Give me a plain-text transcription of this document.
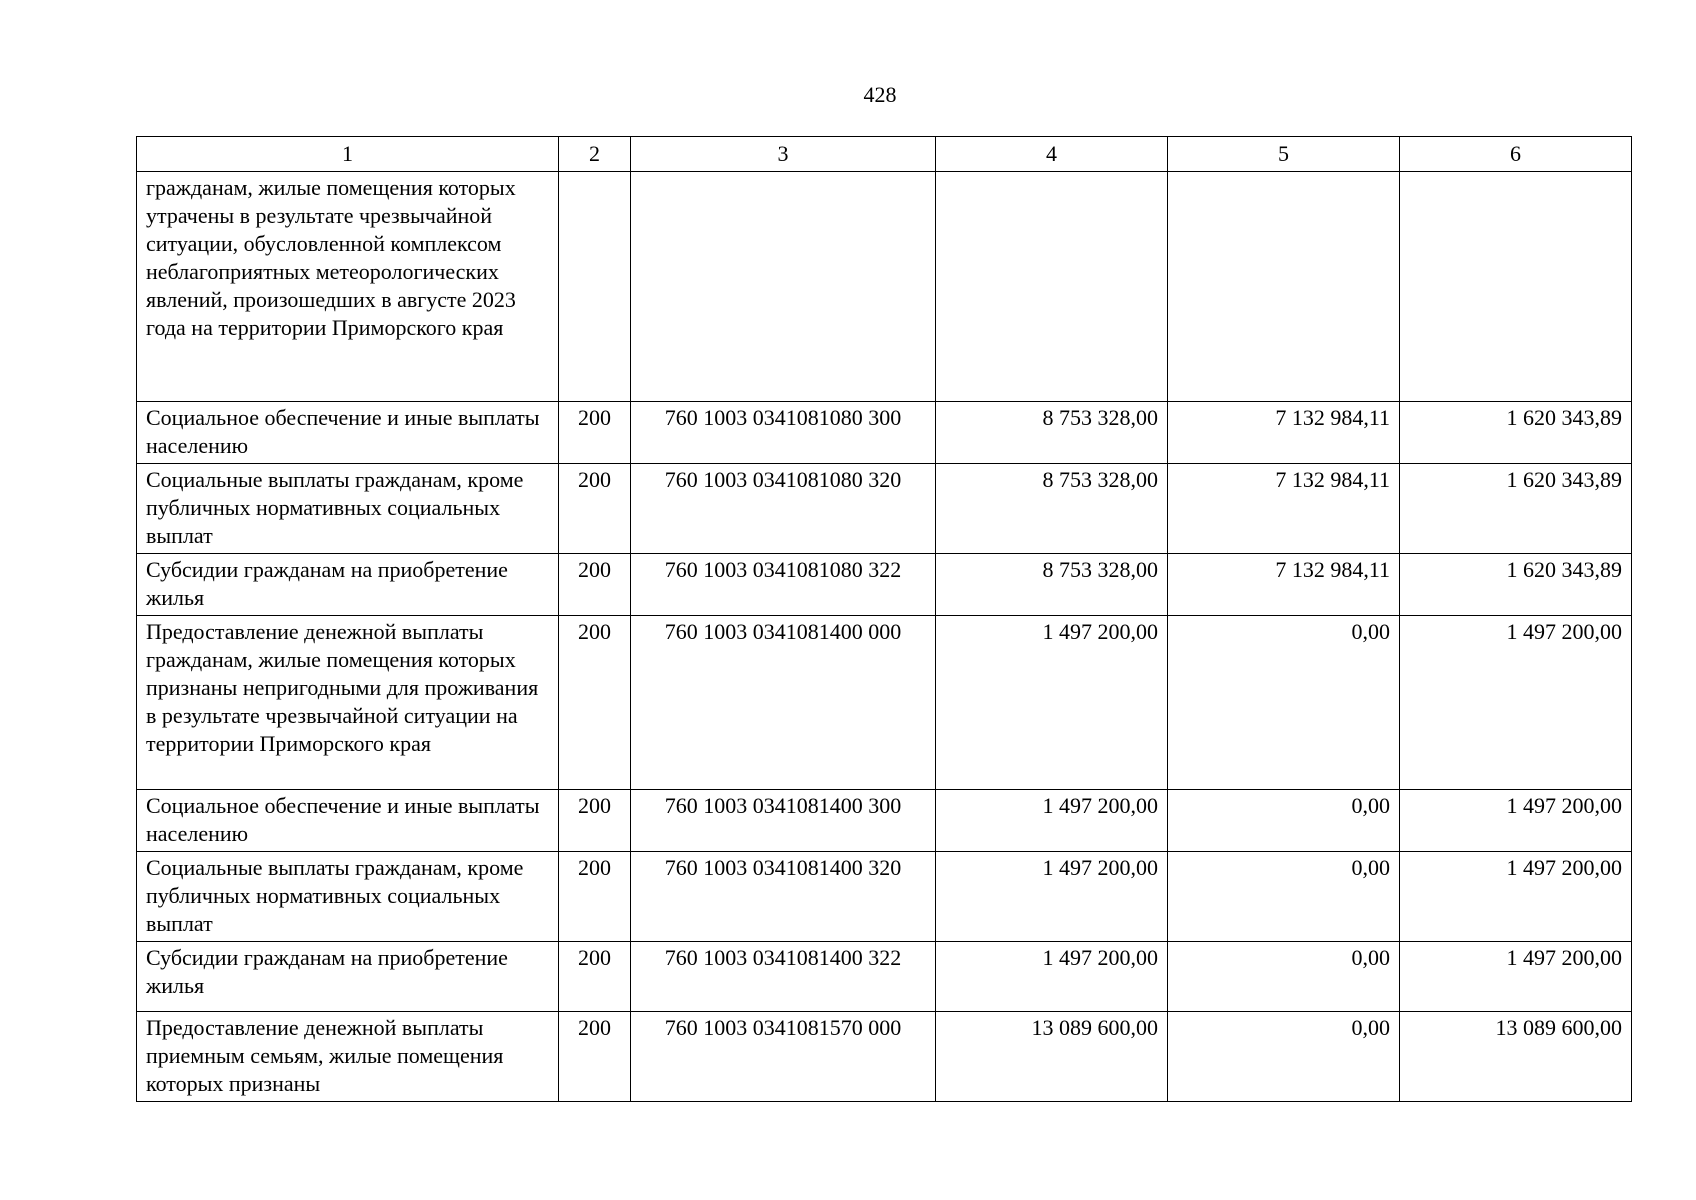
428
1	2	3	4	5	6
гражданам, жилые помещения которых утрачены в результате чрезвычайной ситуации, обусловленной комплексом неблагоприятных метеорологических явлений, произошедших в августе 2023 года на территории Приморского края					
Социальное обеспечение и иные выплаты населению	200	760 1003 0341081080 300	8 753 328,00	7 132 984,11	1 620 343,89
Социальные выплаты гражданам, кроме публичных нормативных социальных выплат	200	760 1003 0341081080 320	8 753 328,00	7 132 984,11	1 620 343,89
Субсидии гражданам на приобретение жилья	200	760 1003 0341081080 322	8 753 328,00	7 132 984,11	1 620 343,89
Предоставление денежной выплаты гражданам, жилые помещения которых признаны непригодными для проживания в результате чрезвычайной ситуации на территории Приморского края	200	760 1003 0341081400 000	1 497 200,00	0,00	1 497 200,00
Социальное обеспечение и иные выплаты населению	200	760 1003 0341081400 300	1 497 200,00	0,00	1 497 200,00
Социальные выплаты гражданам, кроме публичных нормативных социальных выплат	200	760 1003 0341081400 320	1 497 200,00	0,00	1 497 200,00
Субсидии гражданам на приобретение жилья	200	760 1003 0341081400 322	1 497 200,00	0,00	1 497 200,00
Предоставление денежной выплаты приемным семьям, жилые помещения которых признаны	200	760 1003 0341081570 000	13 089 600,00	0,00	13 089 600,00
